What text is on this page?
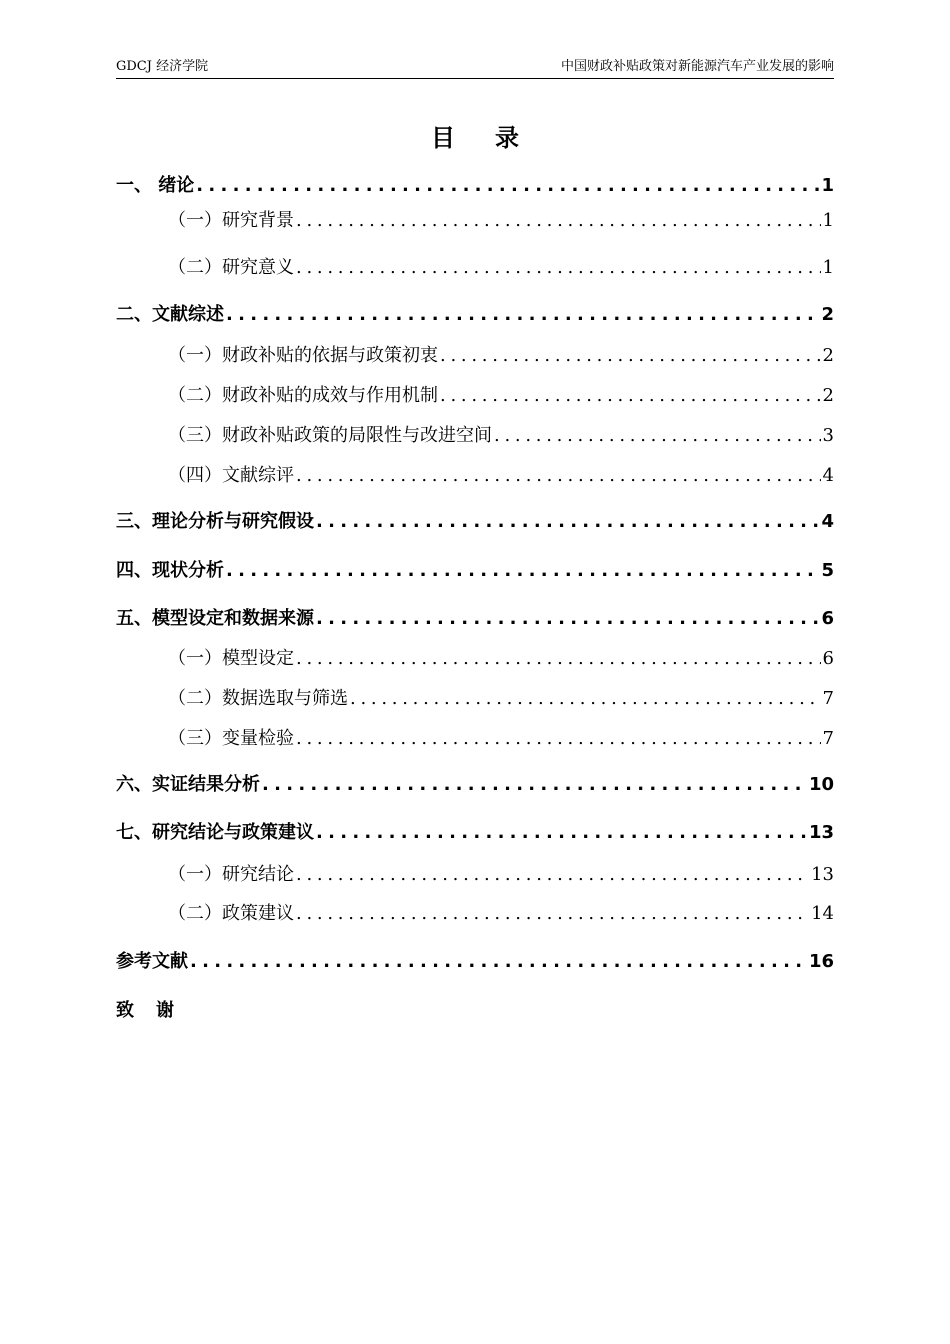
GDCJ 经济学院	中国财政补贴政策对新能源汽车产业发展的影响
目录
一、 绪论 . . .	1
（一）研究背景 . . .	1
（二）研究意义 . . .	1
二、文献综述 . . .	2
（一）财政补贴的依据与政策初衷 . . .	2
（二）财政补贴的成效与作用机制 . . .	2
（三）财政补贴政策的局限性与改进空间 . . .	3
（四）文献综评 . . .	4
三、理论分析与研究假设 . . .	4
四、现状分析 . . .	5
五、模型设定和数据来源 . . .	6
（一）模型设定 . . .	6
（二）数据选取与筛选 . . .	7
（三）变量检验 . . .	7
六、实证结果分析 . . .	10
七、研究结论与政策建议 . . .	13
（一）研究结论 . . .	13
（二）政策建议 . . .	14
参考文献 . . .	16
致谢
